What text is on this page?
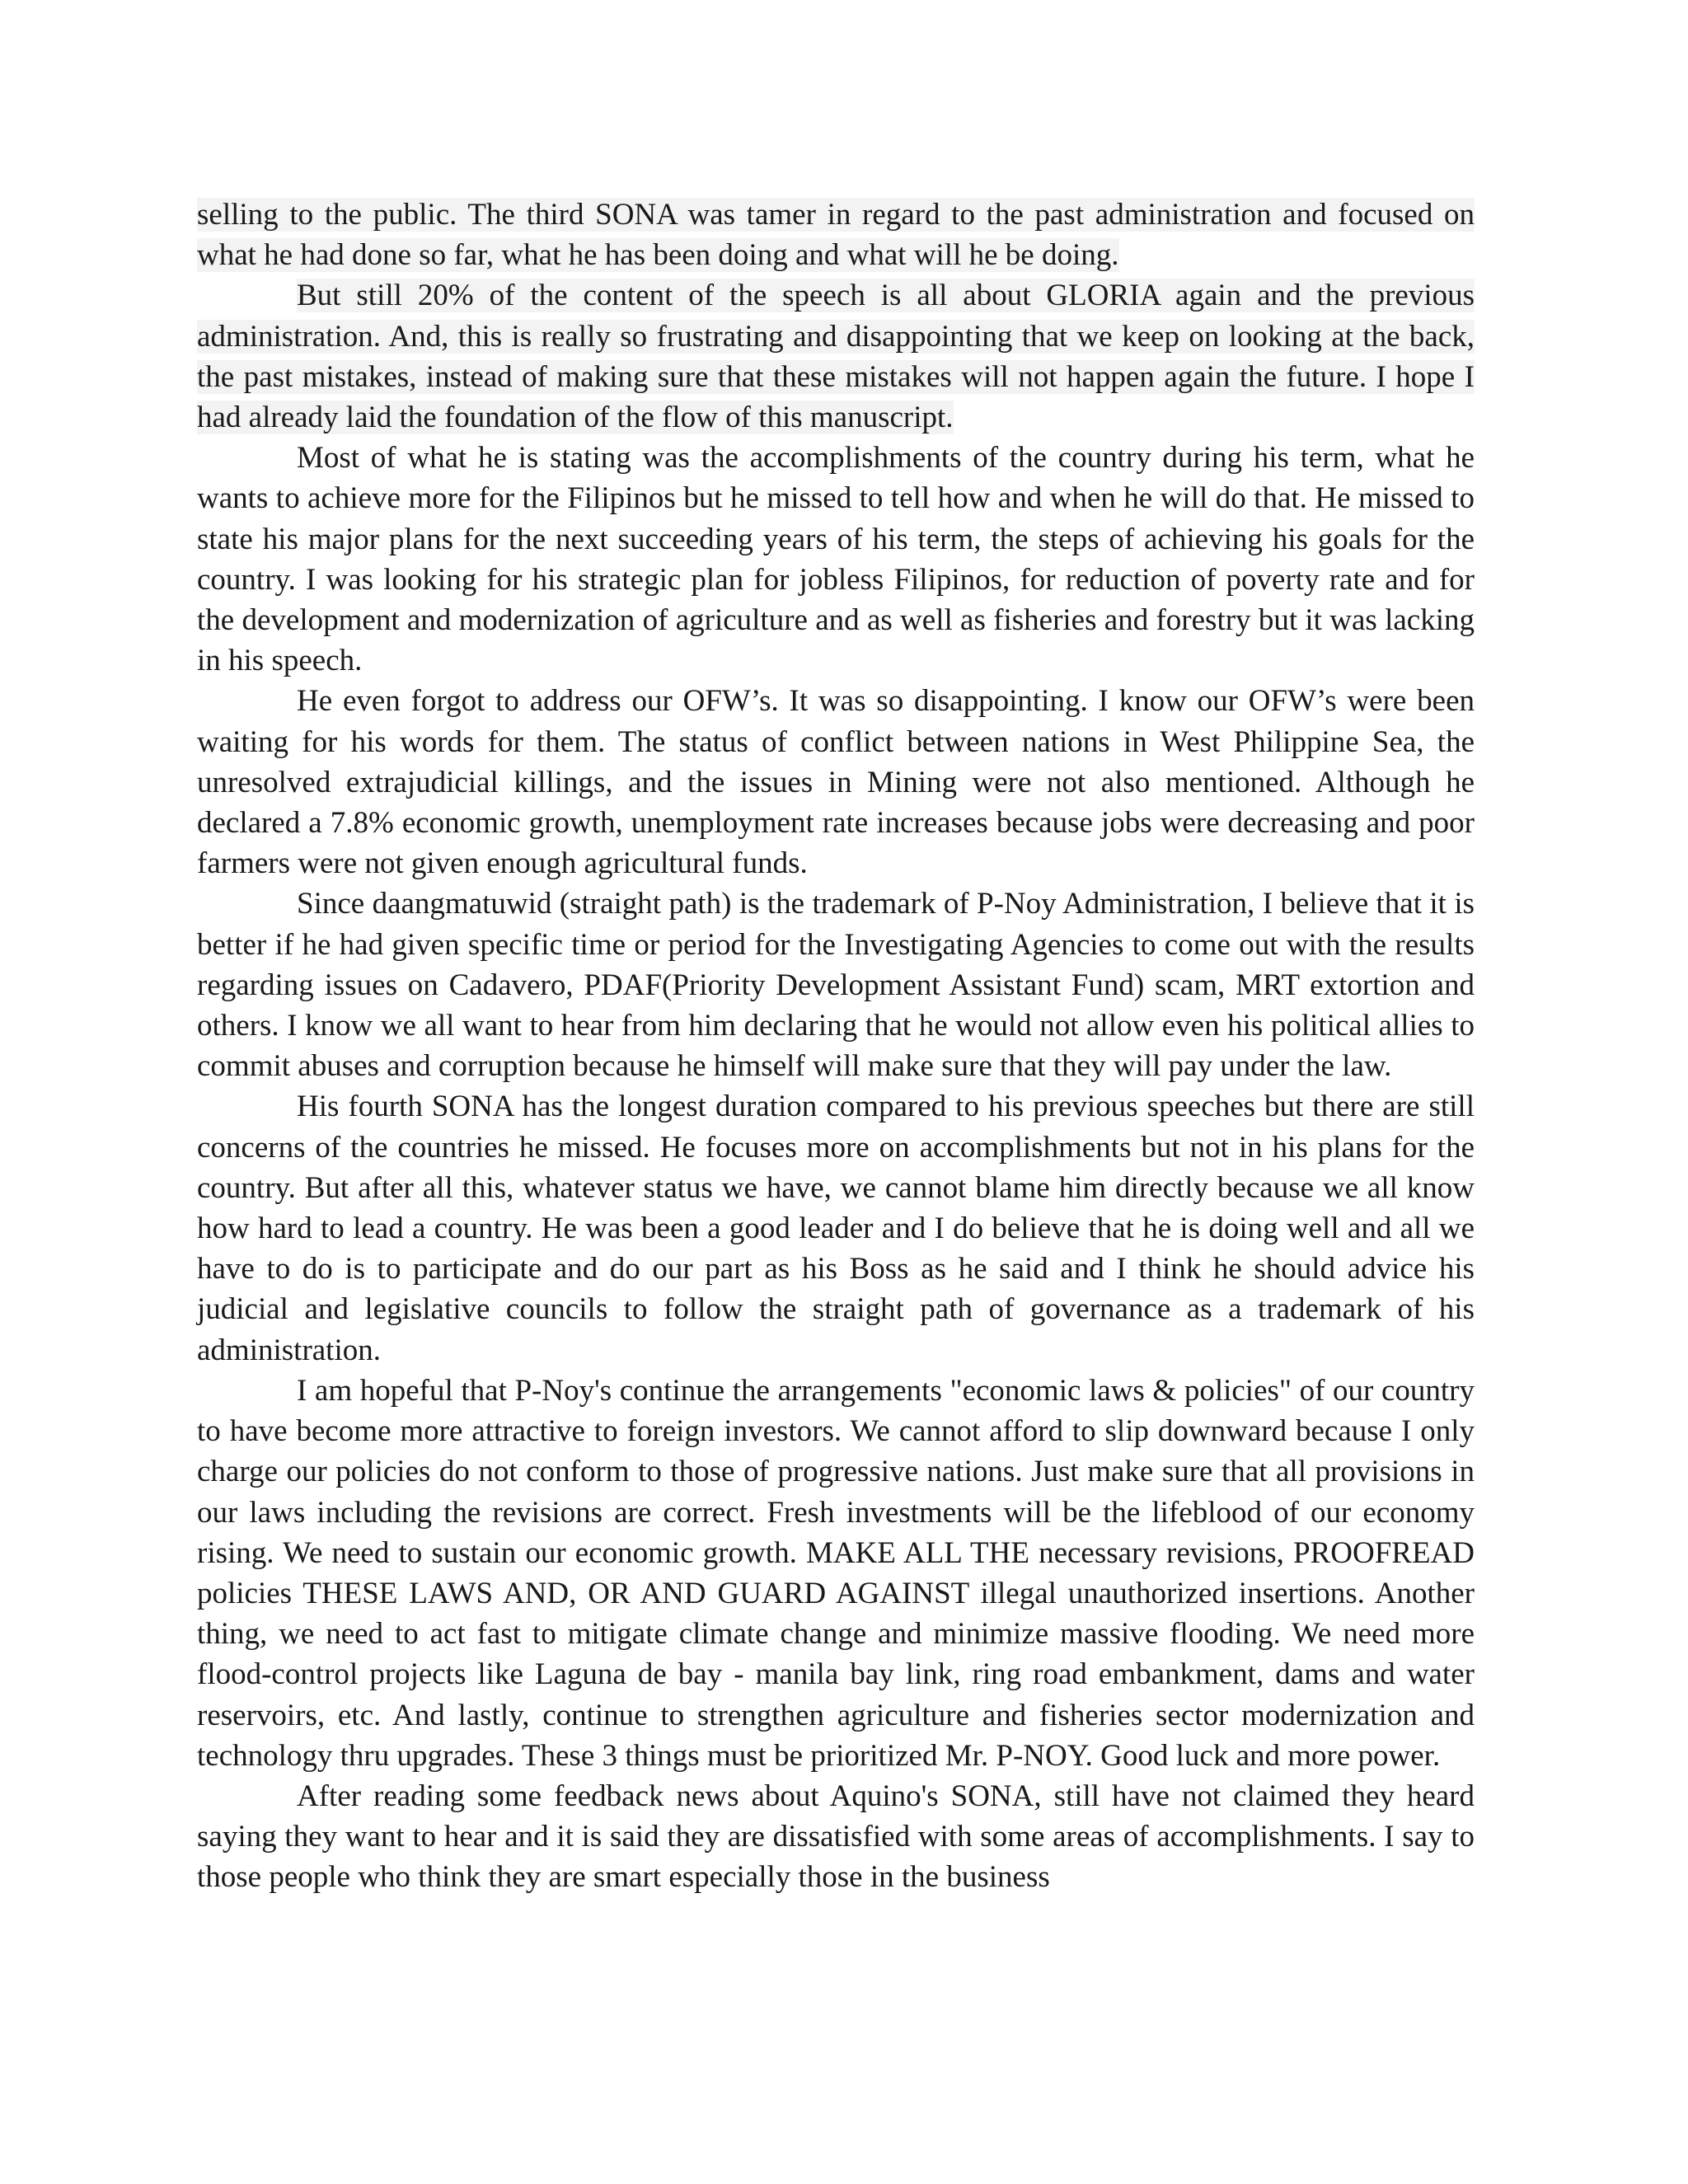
selling to the public. The third SONA was tamer in regard to the past administration and focused on what he had done so far, what he has been doing and what will he be doing.

But still 20% of the content of the speech is all about GLORIA again and the previous administration. And, this is really so frustrating and disappointing that we keep on looking at the back, the past mistakes, instead of making sure that these mistakes will not happen again the future. I hope I had already laid the foundation of the flow of this manuscript.

Most of what he is stating was the accomplishments of the country during his term, what he wants to achieve more for the Filipinos but he missed to tell how and when he will do that. He missed to state his major plans for the next succeeding years of his term, the steps of achieving his goals for the country. I was looking for his strategic plan for jobless Filipinos, for reduction of poverty rate and for the development and modernization of agriculture and as well as fisheries and forestry but it was lacking in his speech.

He even forgot to address our OFW’s. It was so disappointing. I know our OFW’s were been waiting for his words for them. The status of conflict between nations in West Philippine Sea, the unresolved extrajudicial killings, and the issues in Mining were not also mentioned. Although he declared a 7.8% economic growth, unemployment rate increases because jobs were decreasing and poor farmers were not given enough agricultural funds.

Since daangmatuwid (straight path) is the trademark of P-Noy Administration, I believe that it is better if he had given specific time or period for the Investigating Agencies to come out with the results regarding issues on Cadavero, PDAF(Priority Development Assistant Fund) scam, MRT extortion and others. I know we all want to hear from him declaring that he would not allow even his political allies to commit abuses and corruption because he himself will make sure that they will pay under the law.

His fourth SONA has the longest duration compared to his previous speeches but there are still concerns of the countries he missed. He focuses more on accomplishments but not in his plans for the country. But after all this, whatever status we have, we cannot blame him directly because we all know how hard to lead a country. He was been a good leader and I do believe that he is doing well and all we have to do is to participate and do our part as his Boss as he said and I think he should advice his judicial and legislative councils to follow the straight path of governance as a trademark of his administration.

I am hopeful that P-Noy's continue the arrangements "economic laws & policies" of our country to have become more attractive to foreign investors. We cannot afford to slip downward because I only charge our policies do not conform to those of progressive nations. Just make sure that all provisions in our laws including the revisions are correct. Fresh investments will be the lifeblood of our economy rising. We need to sustain our economic growth. MAKE ALL THE necessary revisions, PROOFREAD policies THESE LAWS AND, OR AND GUARD AGAINST illegal unauthorized insertions. Another thing, we need to act fast to mitigate climate change and minimize massive flooding. We need more flood-control projects like Laguna de bay - manila bay link, ring road embankment, dams and water reservoirs, etc. And lastly, continue to strengthen agriculture and fisheries sector modernization and technology thru upgrades. These 3 things must be prioritized Mr. P-NOY. Good luck and more power.

After reading some feedback news about Aquino's SONA, still have not claimed they heard saying they want to hear and it is said they are dissatisfied with some areas of accomplishments. I say to those people who think they are smart especially those in the business
